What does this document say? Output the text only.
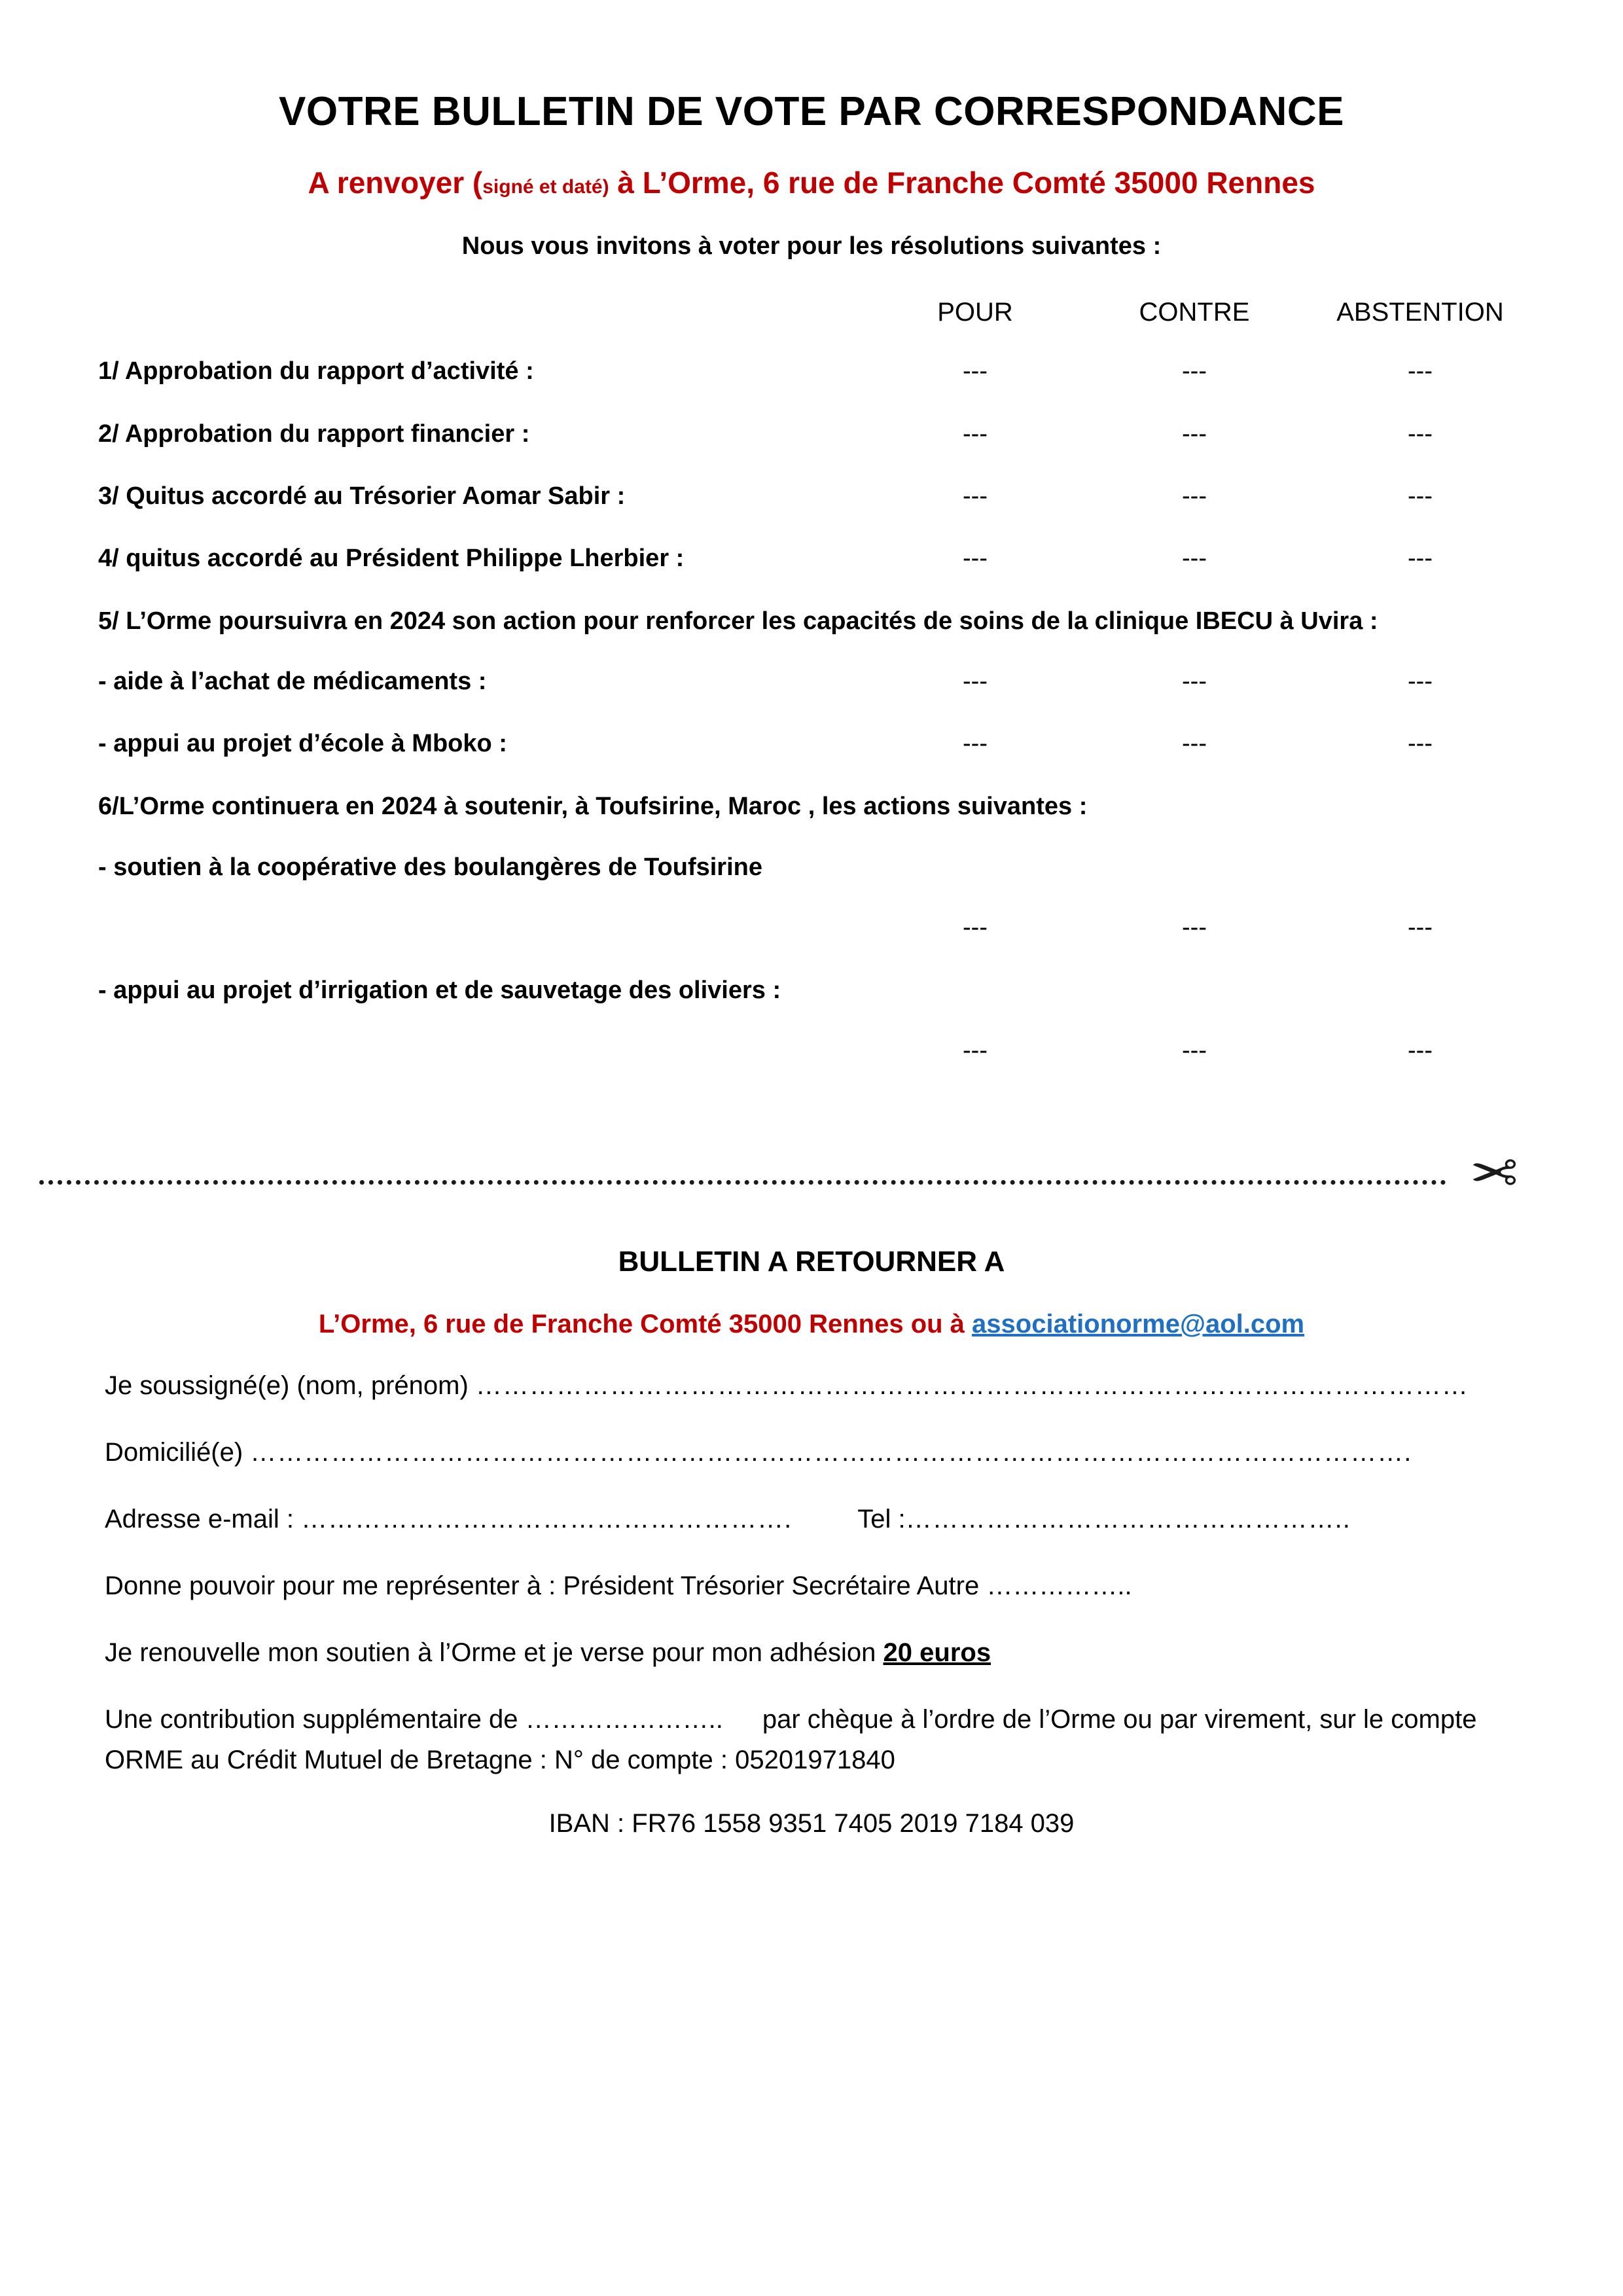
VOTRE BULLETIN DE VOTE PAR CORRESPONDANCE
A renvoyer (signé et daté) à L’Orme, 6 rue de Franche Comté 35000 Rennes
Nous vous invitons à voter pour les résolutions suivantes :
POUR	CONTRE	ABSTENTION
1/ Approbation du rapport d’activité :	---	---	---
2/ Approbation du rapport financier :	---	---	---
3/ Quitus accordé au Trésorier Aomar Sabir :	---	---	---
4/ quitus accordé au Président Philippe Lherbier :	---	---	---

5/ L’Orme poursuivra en 2024 son action pour renforcer les capacités de soins de la clinique IBECU à Uvira :

- aide à l’achat de médicaments :	---	---	---
- appui au projet d’école à Mboko :	---	---	---

6/L’Orme continuera en 2024 à soutenir, à Toufsirine, Maroc , les actions suivantes :

- soutien à la coopérative des boulangères de Toufsirine

---	---	---

- appui au projet d’irrigation et de sauvetage des oliviers :

---	---	---
✂
BULLETIN A RETOURNER A
L’Orme, 6 rue de Franche Comté 35000 Rennes ou à associationorme@aol.com
Je soussigné(e) (nom, prénom) …………………………………………………………………………………………………
Domicilié(e) ………………………………………………………………………………………………………………….
Adresse e-mail : ……………………………………………….	Tel :…………………………………………..
Donne pouvoir pour me représenter à : Président Trésorier Secrétaire Autre ……………..
Je renouvelle mon soutien à l’Orme et je verse pour mon adhésion 20 euros
Une contribution supplémentaire de ………………….. par chèque à l’ordre de l’Orme ou par virement, sur le compte ORME au Crédit Mutuel de Bretagne : N° de compte : 05201971840
IBAN : FR76 1558 9351 7405 2019 7184 039
